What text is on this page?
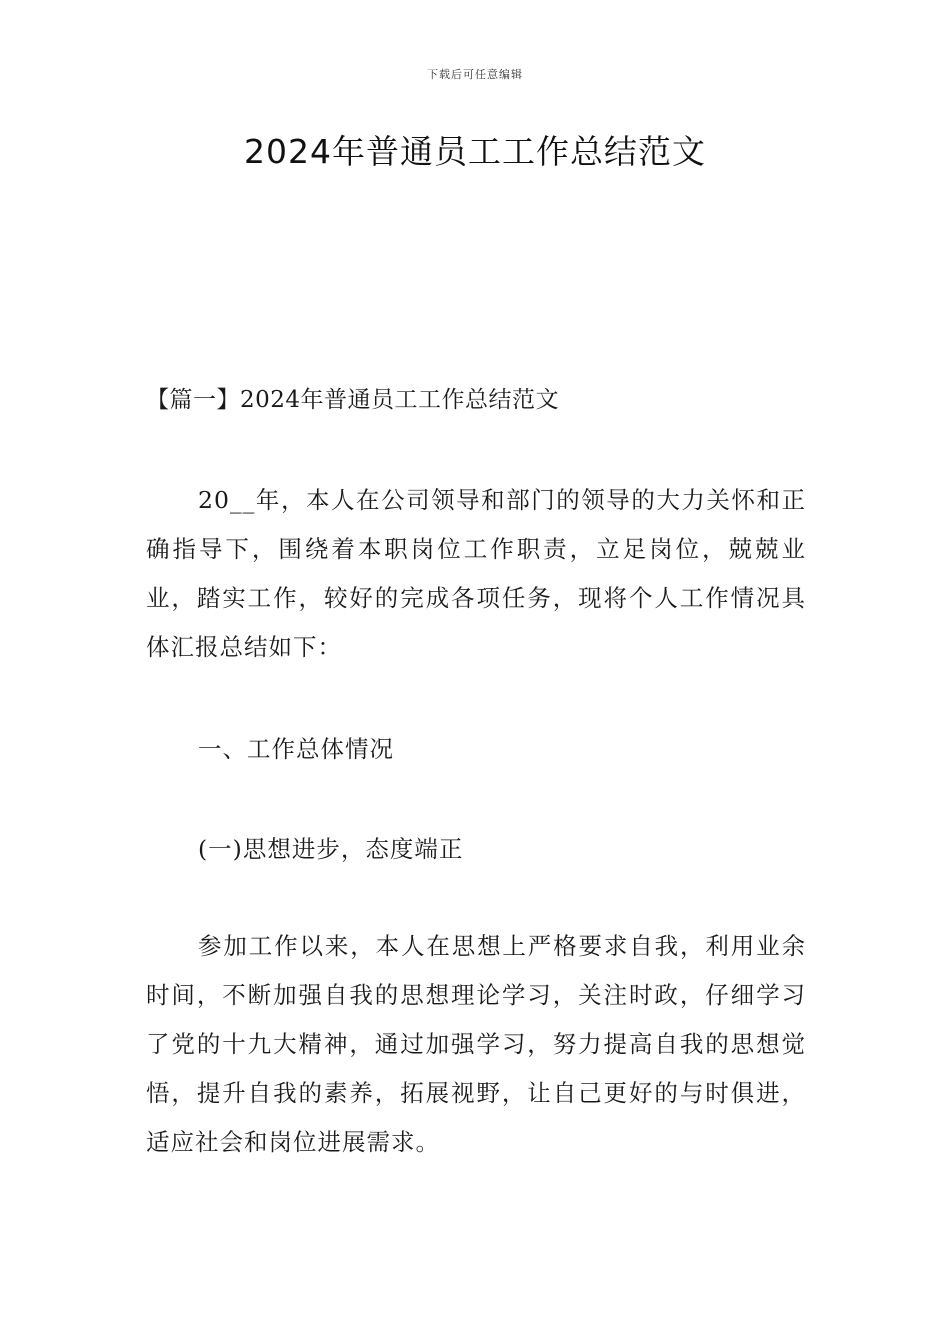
下载后可任意编辑
2024年普通员工工作总结范文
【篇一】2024年普通员工工作总结范文

20__年，本人在公司领导和部门的领导的大力关怀和正确指导下，围绕着本职岗位工作职责，立足岗位，兢兢业业，踏实工作，较好的完成各项任务，现将个人工作情况具体汇报总结如下：

一、工作总体情况
(一)思想进步，态度端正

参加工作以来，本人在思想上严格要求自我，利用业余时间，不断加强自我的思想理论学习，关注时政，仔细学习了党的十九大精神，通过加强学习，努力提高自我的思想觉悟，提升自我的素养，拓展视野，让自己更好的与时俱进，适应社会和岗位进展需求。
